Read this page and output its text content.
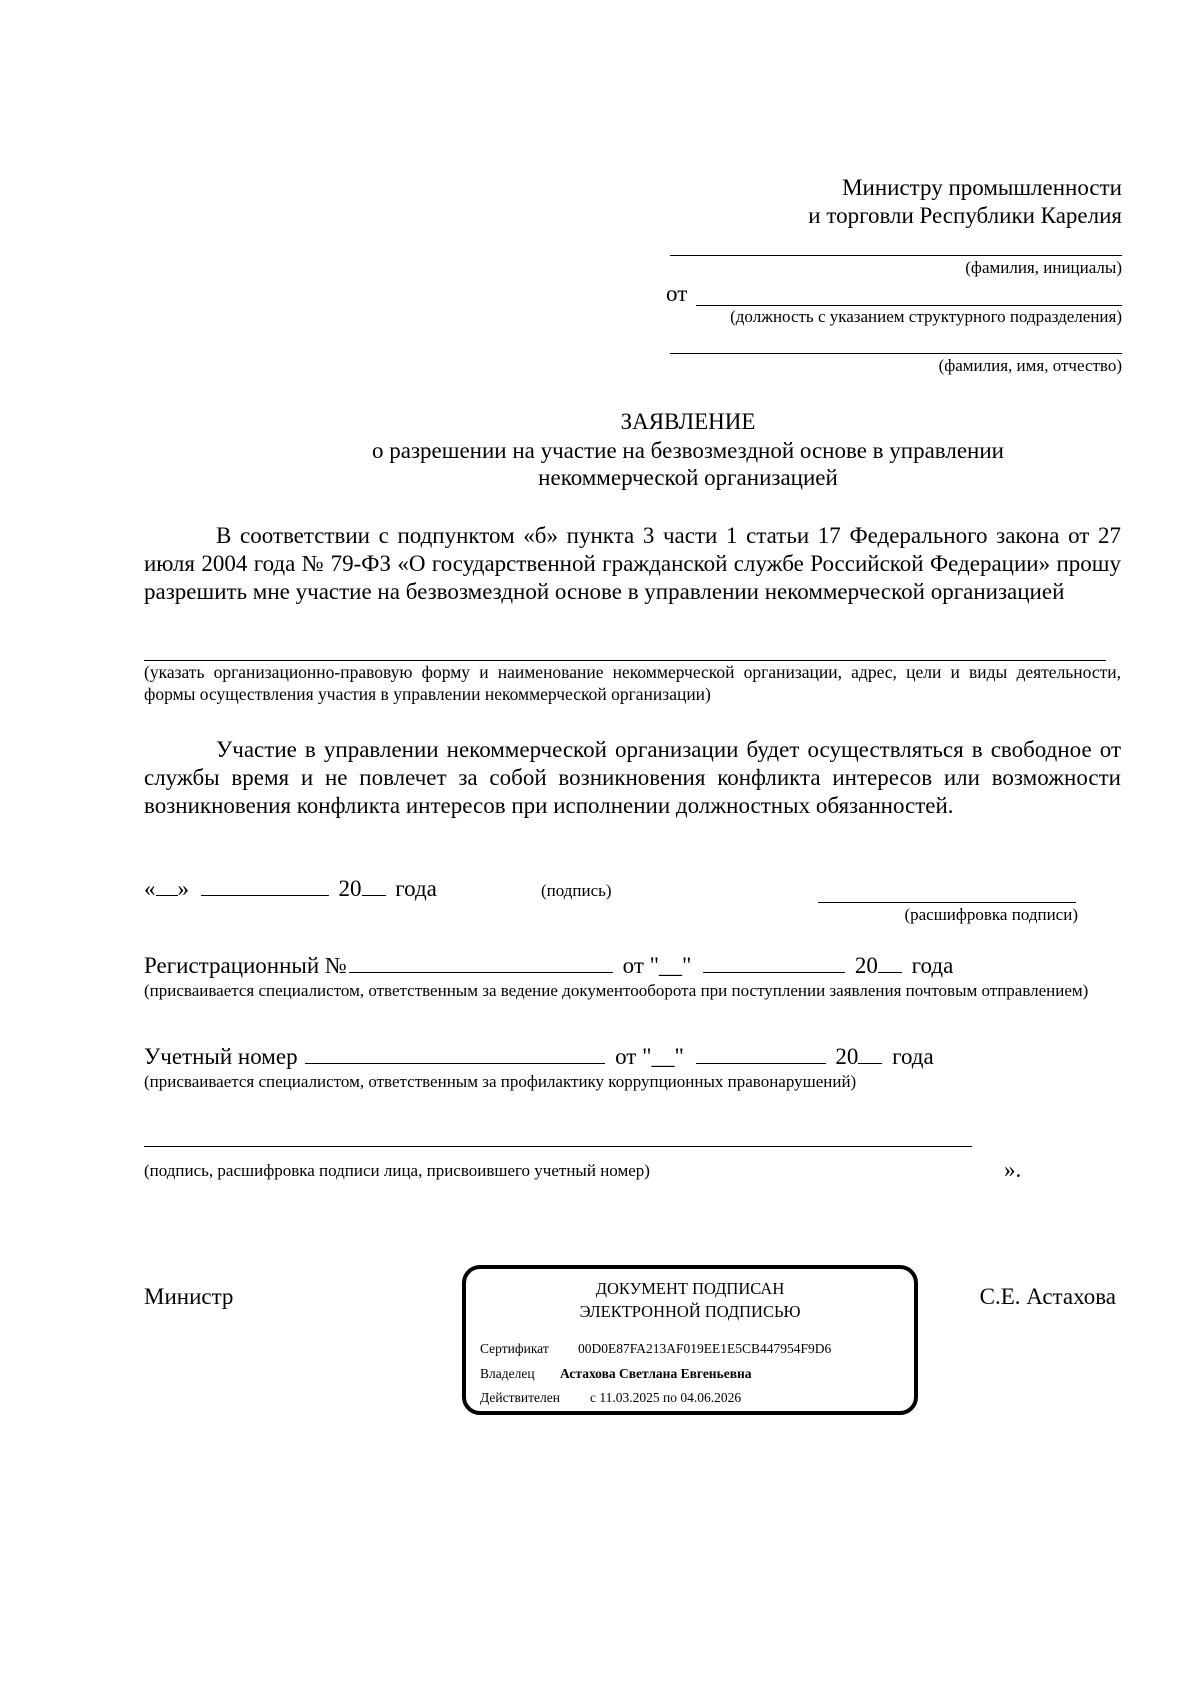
Министру промышленности
и торговли Республики Карелия
(фамилия, инициалы)
от
(должность с указанием структурного подразделения)
(фамилия, имя, отчество)
ЗАЯВЛЕНИЕ
о разрешении на участие на безвозмездной основе в управлении
некоммерческой организацией
В соответствии с подпунктом «б» пункта 3 части 1 статьи 17 Федерального закона от 27 июля 2004 года № 79-ФЗ «О государственной гражданской службе Российской Федерации» прошу разрешить мне участие на безвозмездной основе в управлении некоммерческой организацией
(указать организационно-правовую форму и наименование некоммерческой организации, адрес, цели и виды деятельности, формы осуществления участия в управлении некоммерческой организации)
Участие в управлении некоммерческой организации будет осуществляться в свободное от службы время и не повлечет за собой возникновения конфликта интересов или возможности возникновения конфликта интересов при исполнении должностных обязанностей.
« »	20 года	(подпись)
(расшифровка подписи)
Регистрационный №	от "__"	20 года
(присваивается специалистом, ответственным за ведение документооборота при поступлении заявления почтовым отправлением)
Учетный номер	от "__"	20 года
(присваивается специалистом, ответственным за профилактику коррупционных правонарушений)
(подпись, расшифровка подписи лица, присвоившего учетный номер)	».
Министр	С.Е. Астахова
ДОКУМЕНТ ПОДПИСАН
ЭЛЕКТРОННОЙ ПОДПИСЬЮ
Сертификат 00D0E87FA213AF019EE1E5CB447954F9D6
Владелец Астахова Светлана Евгеньевна
Действителен с 11.03.2025 по 04.06.2026
